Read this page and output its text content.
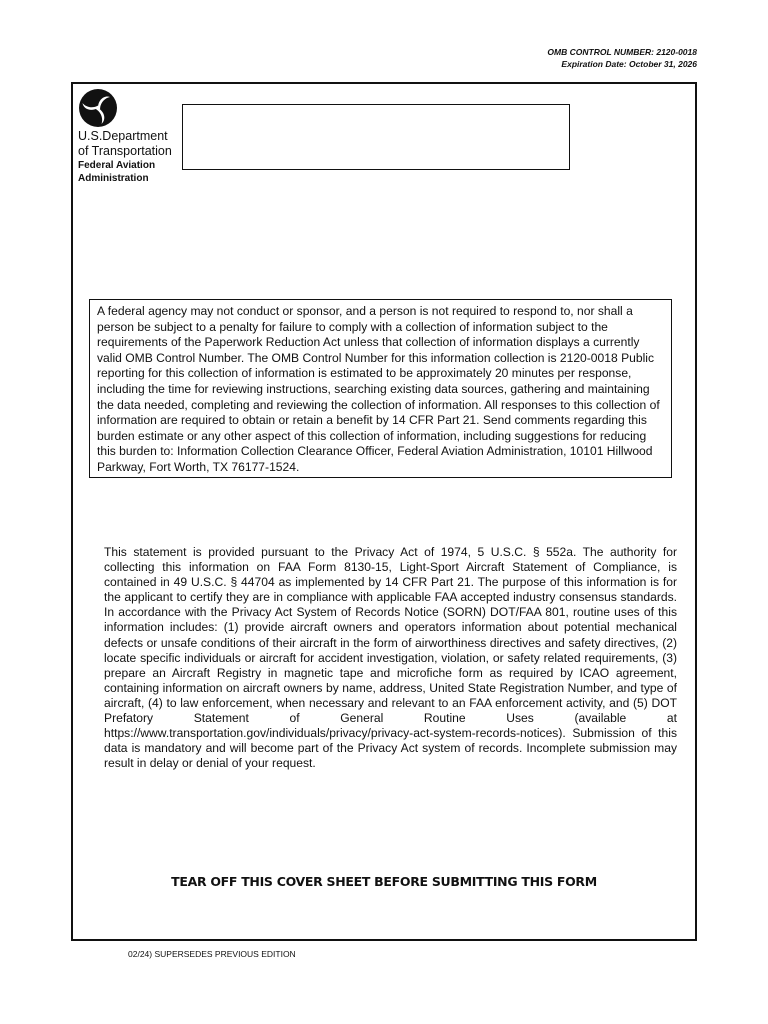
OMB CONTROL NUMBER: 2120-0018
Expiration Date: October 31, 2026
U.S.Department
of Transportation
Federal Aviation
Administration
A federal agency may not conduct or sponsor, and a person is not required to respond to, nor shall a person be subject to a penalty for failure to comply with a collection of information subject to the requirements of the Paperwork Reduction Act unless that collection of information displays a currently valid OMB Control Number. The OMB Control Number for this information collection is 2120-0018 Public reporting for this collection of information is estimated to be approximately 20 minutes per response, including the time for reviewing instructions, searching existing data sources, gathering and maintaining the data needed, completing and reviewing the collection of information. All responses to this collection of information are required to obtain or retain a benefit by 14 CFR Part 21. Send comments regarding this burden estimate or any other aspect of this collection of information, including suggestions for reducing this burden to: Information Collection Clearance Officer, Federal Aviation Administration, 10101 Hillwood Parkway, Fort Worth, TX 76177-1524.
This statement is provided pursuant to the Privacy Act of 1974, 5 U.S.C. § 552a. The authority for collecting this information on FAA Form 8130-15, Light-Sport Aircraft Statement of Compliance, is contained in 49 U.S.C. § 44704 as implemented by 14 CFR Part 21. The purpose of this information is for the applicant to certify they are in compliance with applicable FAA accepted industry consensus standards. In accordance with the Privacy Act System of Records Notice (SORN) DOT/FAA 801, routine uses of this information includes: (1) provide aircraft owners and operators information about potential mechanical defects or unsafe conditions of their aircraft in the form of airworthiness directives and safety directives, (2) locate specific individuals or aircraft for accident investigation, violation, or safety related requirements, (3) prepare an Aircraft Registry in magnetic tape and microfiche form as required by ICAO agreement, containing information on aircraft owners by name, address, United State Registration Number, and type of aircraft, (4) to law enforcement, when necessary and relevant to an FAA enforcement activity, and (5) DOT Prefatory Statement of General Routine Uses (available at https://www.transportation.gov/individuals/privacy/privacy-act-system-records-notices). Submission of this data is mandatory and will become part of the Privacy Act system of records. Incomplete submission may result in delay or denial of your request.
TEAR OFF THIS COVER SHEET BEFORE SUBMITTING THIS FORM
02/24) SUPERSEDES PREVIOUS EDITION
